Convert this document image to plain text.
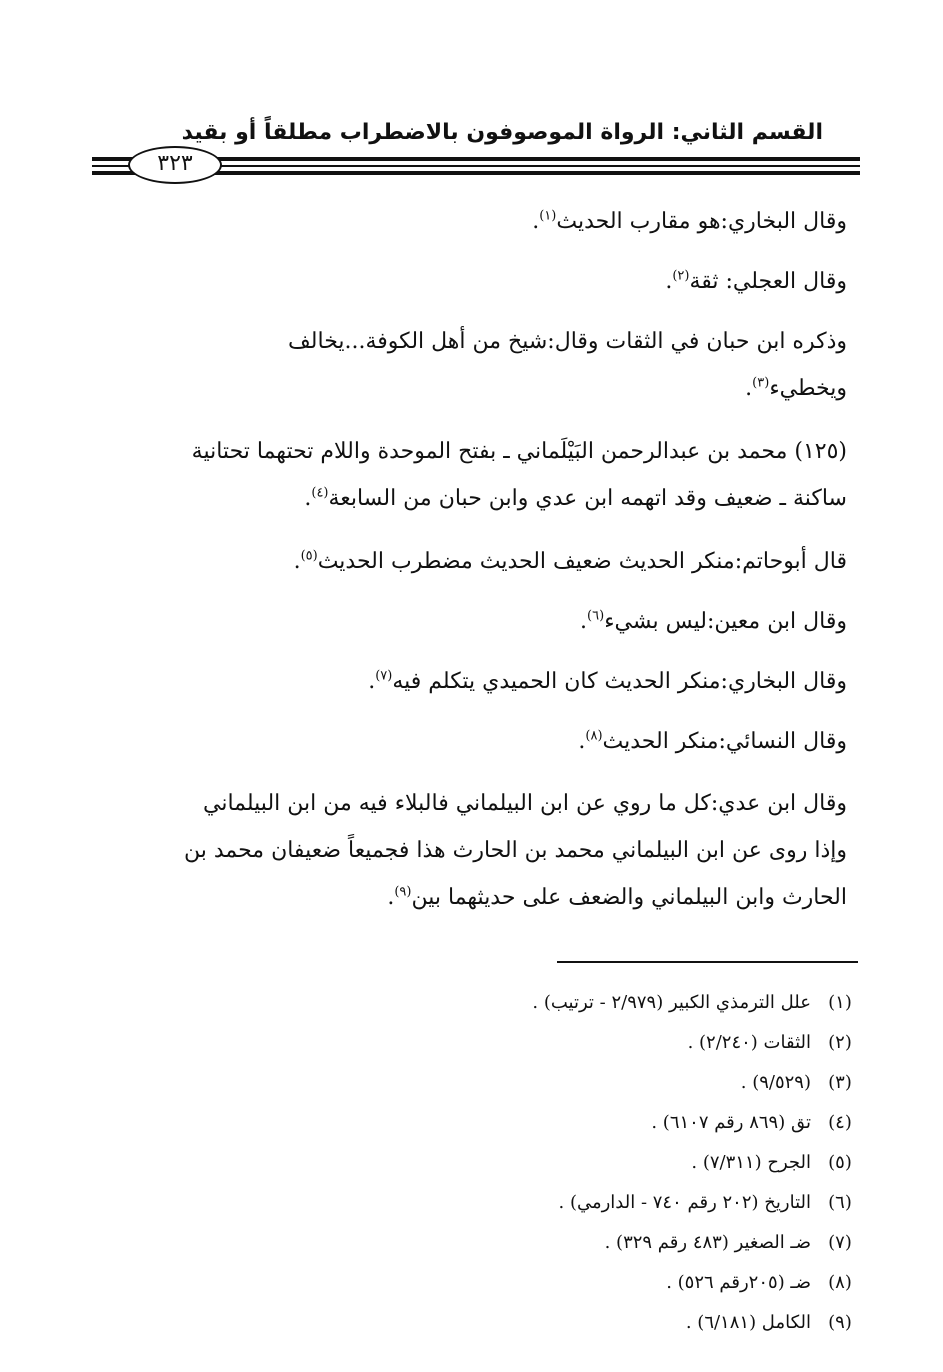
القسم الثاني: الرواة الموصوفون بالاضطراب مطلقاً أو بقيد
٣٢٣
وقال البخاري:هو مقارب الحديث$^{(١)}$.
وقال العجلي: ثقة$^{(٢)}$.
وذكره ابن حبان في الثقات وقال:شيخ من أهل الكوفة...يخالف
ويخطيء$^{(٣)}$.
(١٢٥) محمد بن عبدالرحمن البَيْلَماني ـ بفتح الموحدة واللام تحتهما تحتانية
ساكنة ـ ضعيف وقد اتهمه ابن عدي وابن حبان من السابعة$^{(٤)}$.
قال أبوحاتم:منكر الحديث ضعيف الحديث مضطرب الحديث$^{(٥)}$.
وقال ابن معين:ليس بشيء$^{(٦)}$.
وقال البخاري:منكر الحديث كان الحميدي يتكلم فيه$^{(٧)}$.
وقال النسائي:منكر الحديث$^{(٨)}$.
وقال ابن عدي:كل ما روي عن ابن البيلماني فالبلاء فيه من ابن البيلماني
وإذا روى عن ابن البيلماني محمد بن الحارث هذا فجميعاً ضعيفان محمد بن
الحارث وابن البيلماني والضعف على حديثهما بين$^{(٩)}$.
(١)علل الترمذي الكبير (٢/٩٧٩ - ترتيب) .
(٢)الثقات (٢/٢٤٠) .
(٣)(٩/٥٢٩) .
(٤)تق (٨٦٩ رقم ٦١٠٧) .
(٥)الجرح (٧/٣١١) .
(٦)التاريخ (٢٠٢ رقم ٧٤٠ - الدارمي) .
(٧)ضـ الصغير (٤٨٣ رقم ٣٢٩) .
(٨)ضـ (٢٠٥رقم ٥٢٦) .
(٩)الكامل (٦/١٨١) .
